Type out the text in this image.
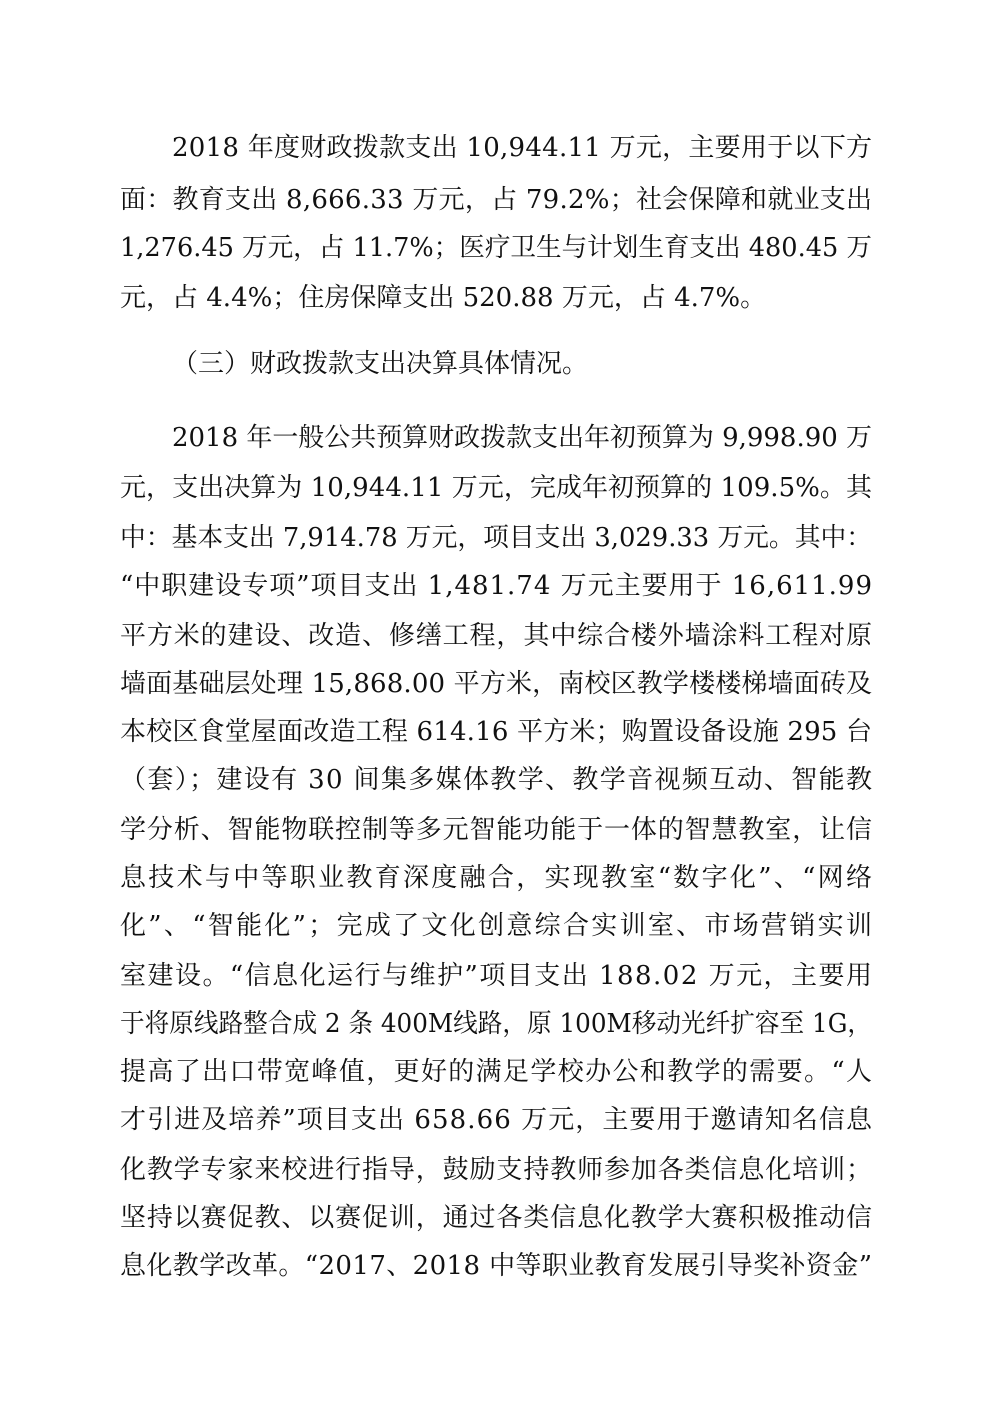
2018 年度财政拨款支出 10,944.11 万元，主要用于以下方
面：教育支出 8,666.33 万元，占 79.2%；社会保障和就业支出
1,276.45 万元，占 11.7%；医疗卫生与计划生育支出 480.45 万
元，占 4.4%；住房保障支出 520.88 万元，占 4.7%。
（三）财政拨款支出决算具体情况。
2018 年一般公共预算财政拨款支出年初预算为 9,998.90 万
元，支出决算为 10,944.11 万元，完成年初预算的 109.5%。其
中：基本支出 7,914.78 万元，项目支出 3,029.33 万元。其中：
“中职建设专项”项目支出 1,481.74 万元主要用于 16,611.99
平方米的建设、改造、修缮工程，其中综合楼外墙涂料工程对原
墙面基础层处理 15,868.00 平方米，南校区教学楼楼梯墙面砖及
本校区食堂屋面改造工程 614.16 平方米；购置设备设施 295 台
（套）；建设有 30 间集多媒体教学、教学音视频互动、智能教
学分析、智能物联控制等多元智能功能于一体的智慧教室，让信
息技术与中等职业教育深度融合，实现教室“数字化”、“网络
化”、“智能化”；完成了文化创意综合实训室、市场营销实训
室建设。“信息化运行与维护”项目支出 188.02 万元，主要用
于将原线路整合成 2 条 400M线路，原 100M移动光纤扩容至 1G，
提高了出口带宽峰值，更好的满足学校办公和教学的需要。“人
才引进及培养”项目支出 658.66 万元，主要用于邀请知名信息
化教学专家来校进行指导，鼓励支持教师参加各类信息化培训；
坚持以赛促教、以赛促训，通过各类信息化教学大赛积极推动信
息化教学改革。“2017、2018 中等职业教育发展引导奖补资金”
